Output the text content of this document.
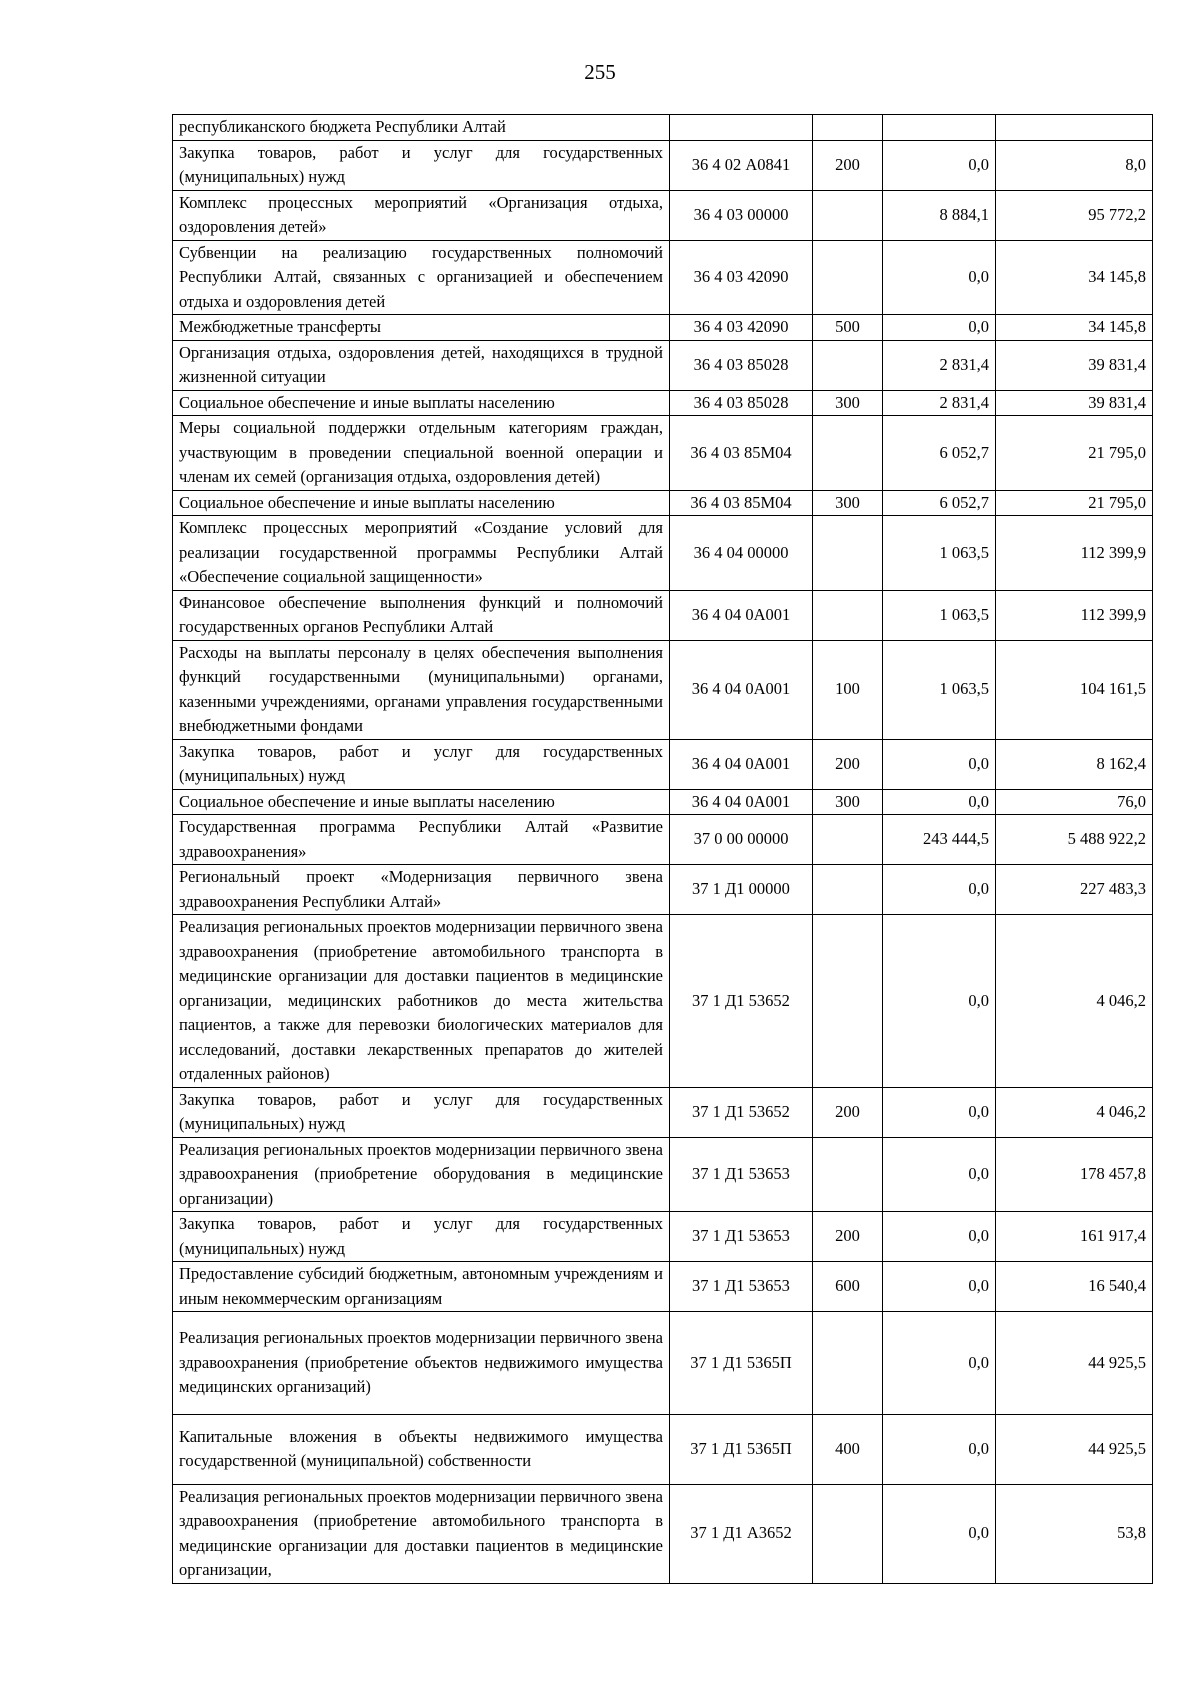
255
республиканского бюджета Республики Алтай				
Закупка товаров, работ и услуг для государственных (муниципальных) нужд	36 4 02 А0841	200	0,0	8,0
Комплекс процессных мероприятий «Организация отдыха, оздоровления детей»	36 4 03 00000		8 884,1	95 772,2
Субвенции на реализацию государственных полномочий Республики Алтай, связанных с организацией и обеспечением отдыха и оздоровления детей	36 4 03 42090		0,0	34 145,8
Межбюджетные трансферты	36 4 03 42090	500	0,0	34 145,8
Организация отдыха, оздоровления детей, находящихся в трудной жизненной ситуации	36 4 03 85028		2 831,4	39 831,4
Социальное обеспечение и иные выплаты населению	36 4 03 85028	300	2 831,4	39 831,4
Меры социальной поддержки отдельным категориям граждан, участвующим в проведении специальной военной операции и членам их семей (организация отдыха, оздоровления детей)	36 4 03 85М04		6 052,7	21 795,0
Социальное обеспечение и иные выплаты населению	36 4 03 85М04	300	6 052,7	21 795,0
Комплекс процессных мероприятий «Создание условий для реализации государственной программы Республики Алтай «Обеспечение социальной защищенности»	36 4 04 00000		1 063,5	112 399,9
Финансовое обеспечение выполнения функций и полномочий государственных органов Республики Алтай	36 4 04 0А001		1 063,5	112 399,9
Расходы на выплаты персоналу в целях обеспечения выполнения функций государственными (муниципальными) органами, казенными учреждениями, органами управления государственными внебюджетными фондами	36 4 04 0А001	100	1 063,5	104 161,5
Закупка товаров, работ и услуг для государственных (муниципальных) нужд	36 4 04 0А001	200	0,0	8 162,4
Социальное обеспечение и иные выплаты населению	36 4 04 0А001	300	0,0	76,0
Государственная программа Республики Алтай «Развитие здравоохранения»	37 0 00 00000		243 444,5	5 488 922,2
Региональный проект «Модернизация первичного звена здравоохранения Республики Алтай»	37 1 Д1 00000		0,0	227 483,3
Реализация региональных проектов модернизации первичного звена здравоохранения (приобретение автомобильного транспорта в медицинские организации для доставки пациентов в медицинские организации, медицинских работников до места жительства пациентов, а также для перевозки биологических материалов для исследований, доставки лекарственных препаратов до жителей отдаленных районов)	37 1 Д1 53652		0,0	4 046,2
Закупка товаров, работ и услуг для государственных (муниципальных) нужд	37 1 Д1 53652	200	0,0	4 046,2
Реализация региональных проектов модернизации первичного звена здравоохранения (приобретение оборудования в медицинские организации)	37 1 Д1 53653		0,0	178 457,8
Закупка товаров, работ и услуг для государственных (муниципальных) нужд	37 1 Д1 53653	200	0,0	161 917,4
Предоставление субсидий бюджетным, автономным учреждениям и иным некоммерческим организациям	37 1 Д1 53653	600	0,0	16 540,4
Реализация региональных проектов модернизации первичного звена здравоохранения (приобретение объектов недвижимого имущества медицинских организаций)	37 1 Д1 5365П		0,0	44 925,5
Капитальные вложения в объекты недвижимого имущества государственной (муниципальной) собственности	37 1 Д1 5365П	400	0,0	44 925,5
Реализация региональных проектов модернизации первичного звена здравоохранения (приобретение автомобильного транспорта в медицинские организации для доставки пациентов в медицинские организации,	37 1 Д1 А3652		0,0	53,8
